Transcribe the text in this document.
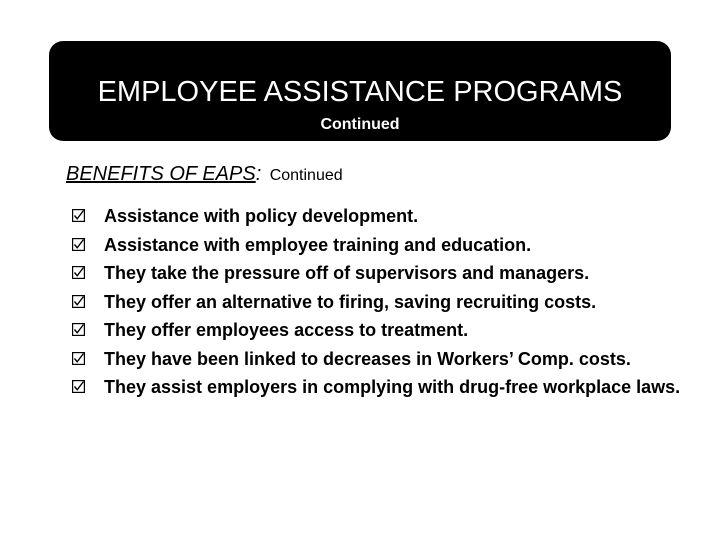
EMPLOYEE ASSISTANCE PROGRAMS
Continued
BENEFITS OF EAPS: Continued
Assistance with policy development.
Assistance with employee training and education.
They take the pressure off of supervisors and managers.
They offer an alternative to firing, saving recruiting costs.
They offer employees access to treatment.
They have been linked to decreases in Workers’ Comp. costs.
They assist employers in complying with drug-free workplace laws.
